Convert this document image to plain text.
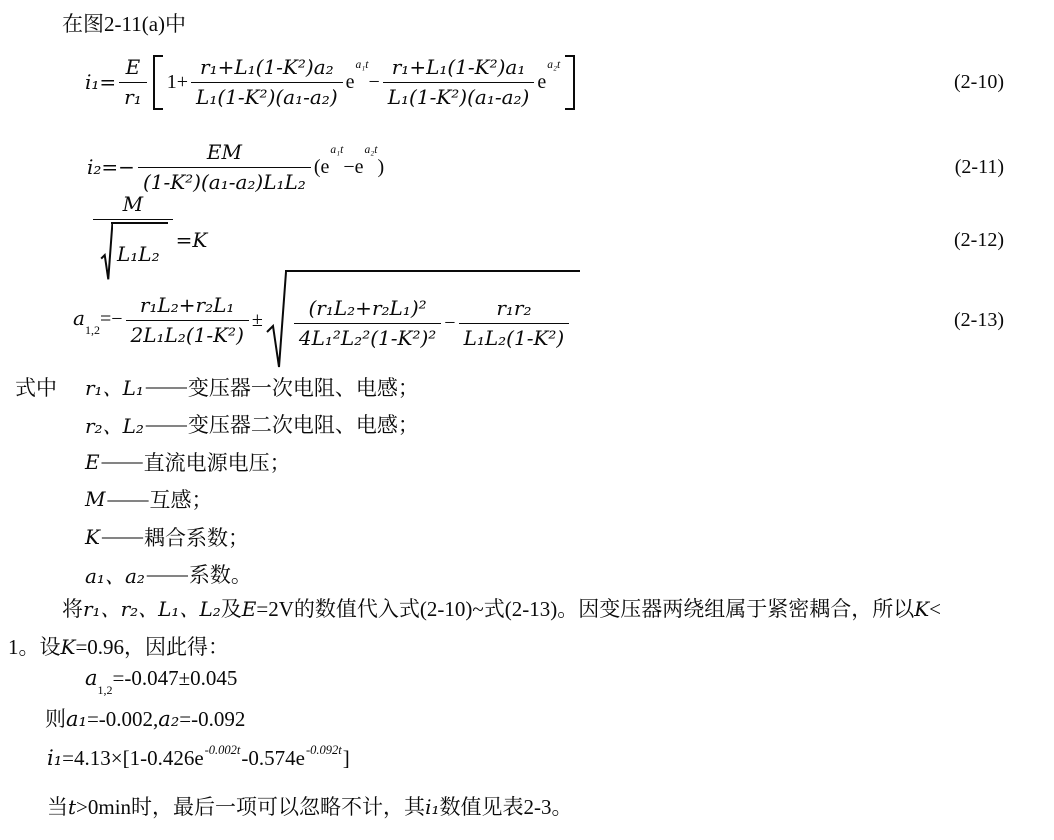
在图2-11(a)中
$i_1= \frac{E}{\text{r₁}} 1+ \frac{\text{r₁+L₁(1-K²)a₂}}{\text{L₁(1-K²)(a₁-a₂)}} e^{a_1t}$
− $\frac{\text{r₁+L₁(1-K²)a₁}}{\text{L₁(1-K²)(a₁-a₂)}} e^{a_2t}$
(2-10)
$i_2=- \frac{EM}{\text{(1-K²)(a₁-a₂)L₁L₂}} (e^{a_1t}-e^{a_2t})$	(2-11)
$\frac{M}{\text{L₁L₂}} =K$	(2-12)
$a_{1,2}=- \frac{\text{r₁L₂+r₂L₁}}{\text{2L₁L₂(1-K²)}} \pm \frac{\text{(r₁L₂+r₂L₁)²}}{\text{4L₁²L₂²(1-K²)²}} - \frac{\text{r₁r₂}}{\text{L₁L₂(1-K²)}}$	(2-13)
式中 r₁、L₁ —— 变压器一次电阻、电感；
r₂、L₂ —— 变压器二次电阻、电感；
E —— 直流电源电压；
M —— 互感；
K —— 耦合系数；
a₁、a₂ —— 系数。
将r₁、r₂、L₁、L₂及E=2V的数值代入式(2-10)~式(2-13)。因变压器两绕组属于紧密耦合，所以K<
1。设K=0.96，因此得：
$a_{1,2}=-0.047\pm 0.045$
则a₁=-0.002,a₂=-0.092
$i_1=4.13\times[1-0.426e^{-0.002t}-0.574e^{-0.092t}]$
当t>0min时，最后一项可以忽略不计，其i₁数值见表2-3。
